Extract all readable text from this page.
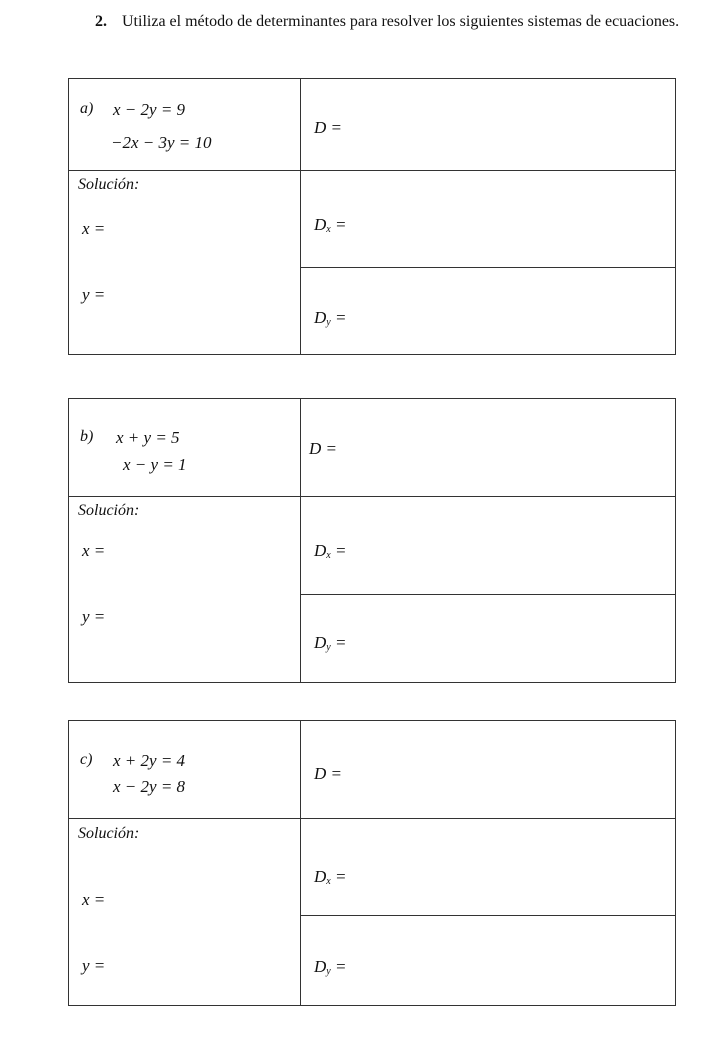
2. Utiliza el método de determinantes para resolver los siguientes sistemas de ecuaciones.
a) x − 2y = 9
−2x − 3y = 10
D =
Solución:
x =
y =
$D_x$ =
$D_y$ =
b) x + y = 5
x − y = 1
D =
Solución:
x =
y =
$D_x$ =
$D_y$ =
c) x + 2y = 4
x − 2y = 8
D =
Solución:
x =
y =
$D_x$ =
$D_y$ =
